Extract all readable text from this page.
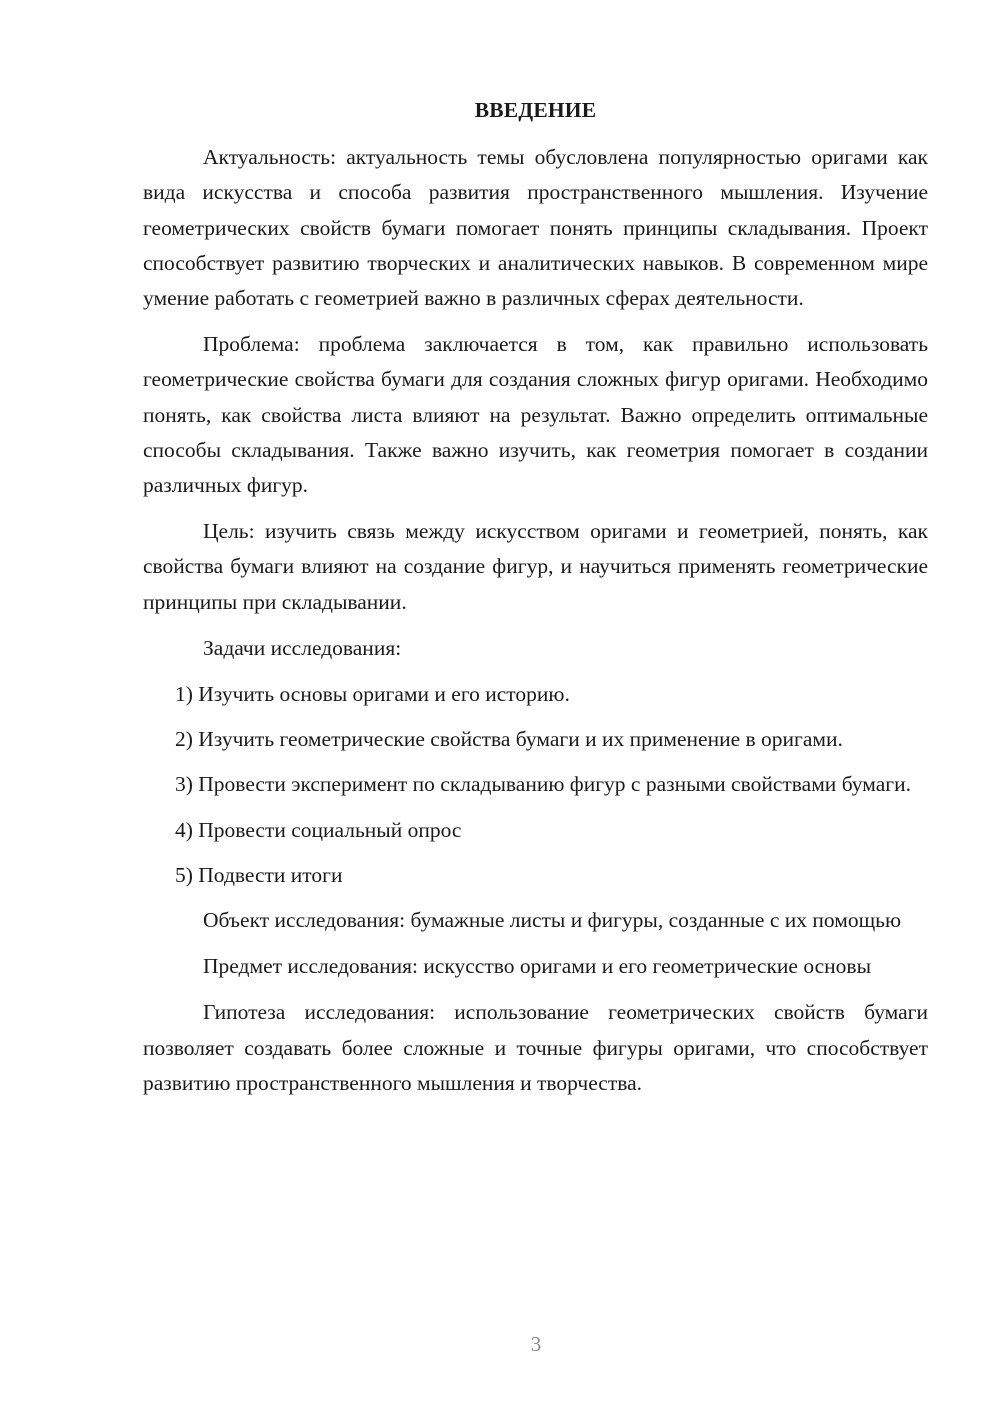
ВВЕДЕНИЕ

Актуальность: актуальность темы обусловлена популярностью оригами как вида искусства и способа развития пространственного мышления. Изучение геометрических свойств бумаги помогает понять принципы складывания. Проект способствует развитию творческих и аналитических навыков. В современном мире умение работать с геометрией важно в различных сферах деятельности.

Проблема: проблема заключается в том, как правильно использовать геометрические свойства бумаги для создания сложных фигур оригами. Необходимо понять, как свойства листа влияют на результат. Важно определить оптимальные способы складывания. Также важно изучить, как геометрия помогает в создании различных фигур.

Цель: изучить связь между искусством оригами и геометрией, понять, как свойства бумаги влияют на создание фигур, и научиться применять геометрические принципы при складывании.

Задачи исследования:

1) Изучить основы оригами и его историю.

2) Изучить геометрические свойства бумаги и их применение в оригами.

3) Провести эксперимент по складыванию фигур с разными свойствами бумаги.

4) Провести социальный опрос

5) Подвести итоги

Объект исследования: бумажные листы и фигуры, созданные с их помощью

Предмет исследования: искусство оригами и его геометрические основы

Гипотеза исследования: использование геометрических свойств бумаги позволяет создавать более сложные и точные фигуры оригами, что способствует развитию пространственного мышления и творчества.

3
